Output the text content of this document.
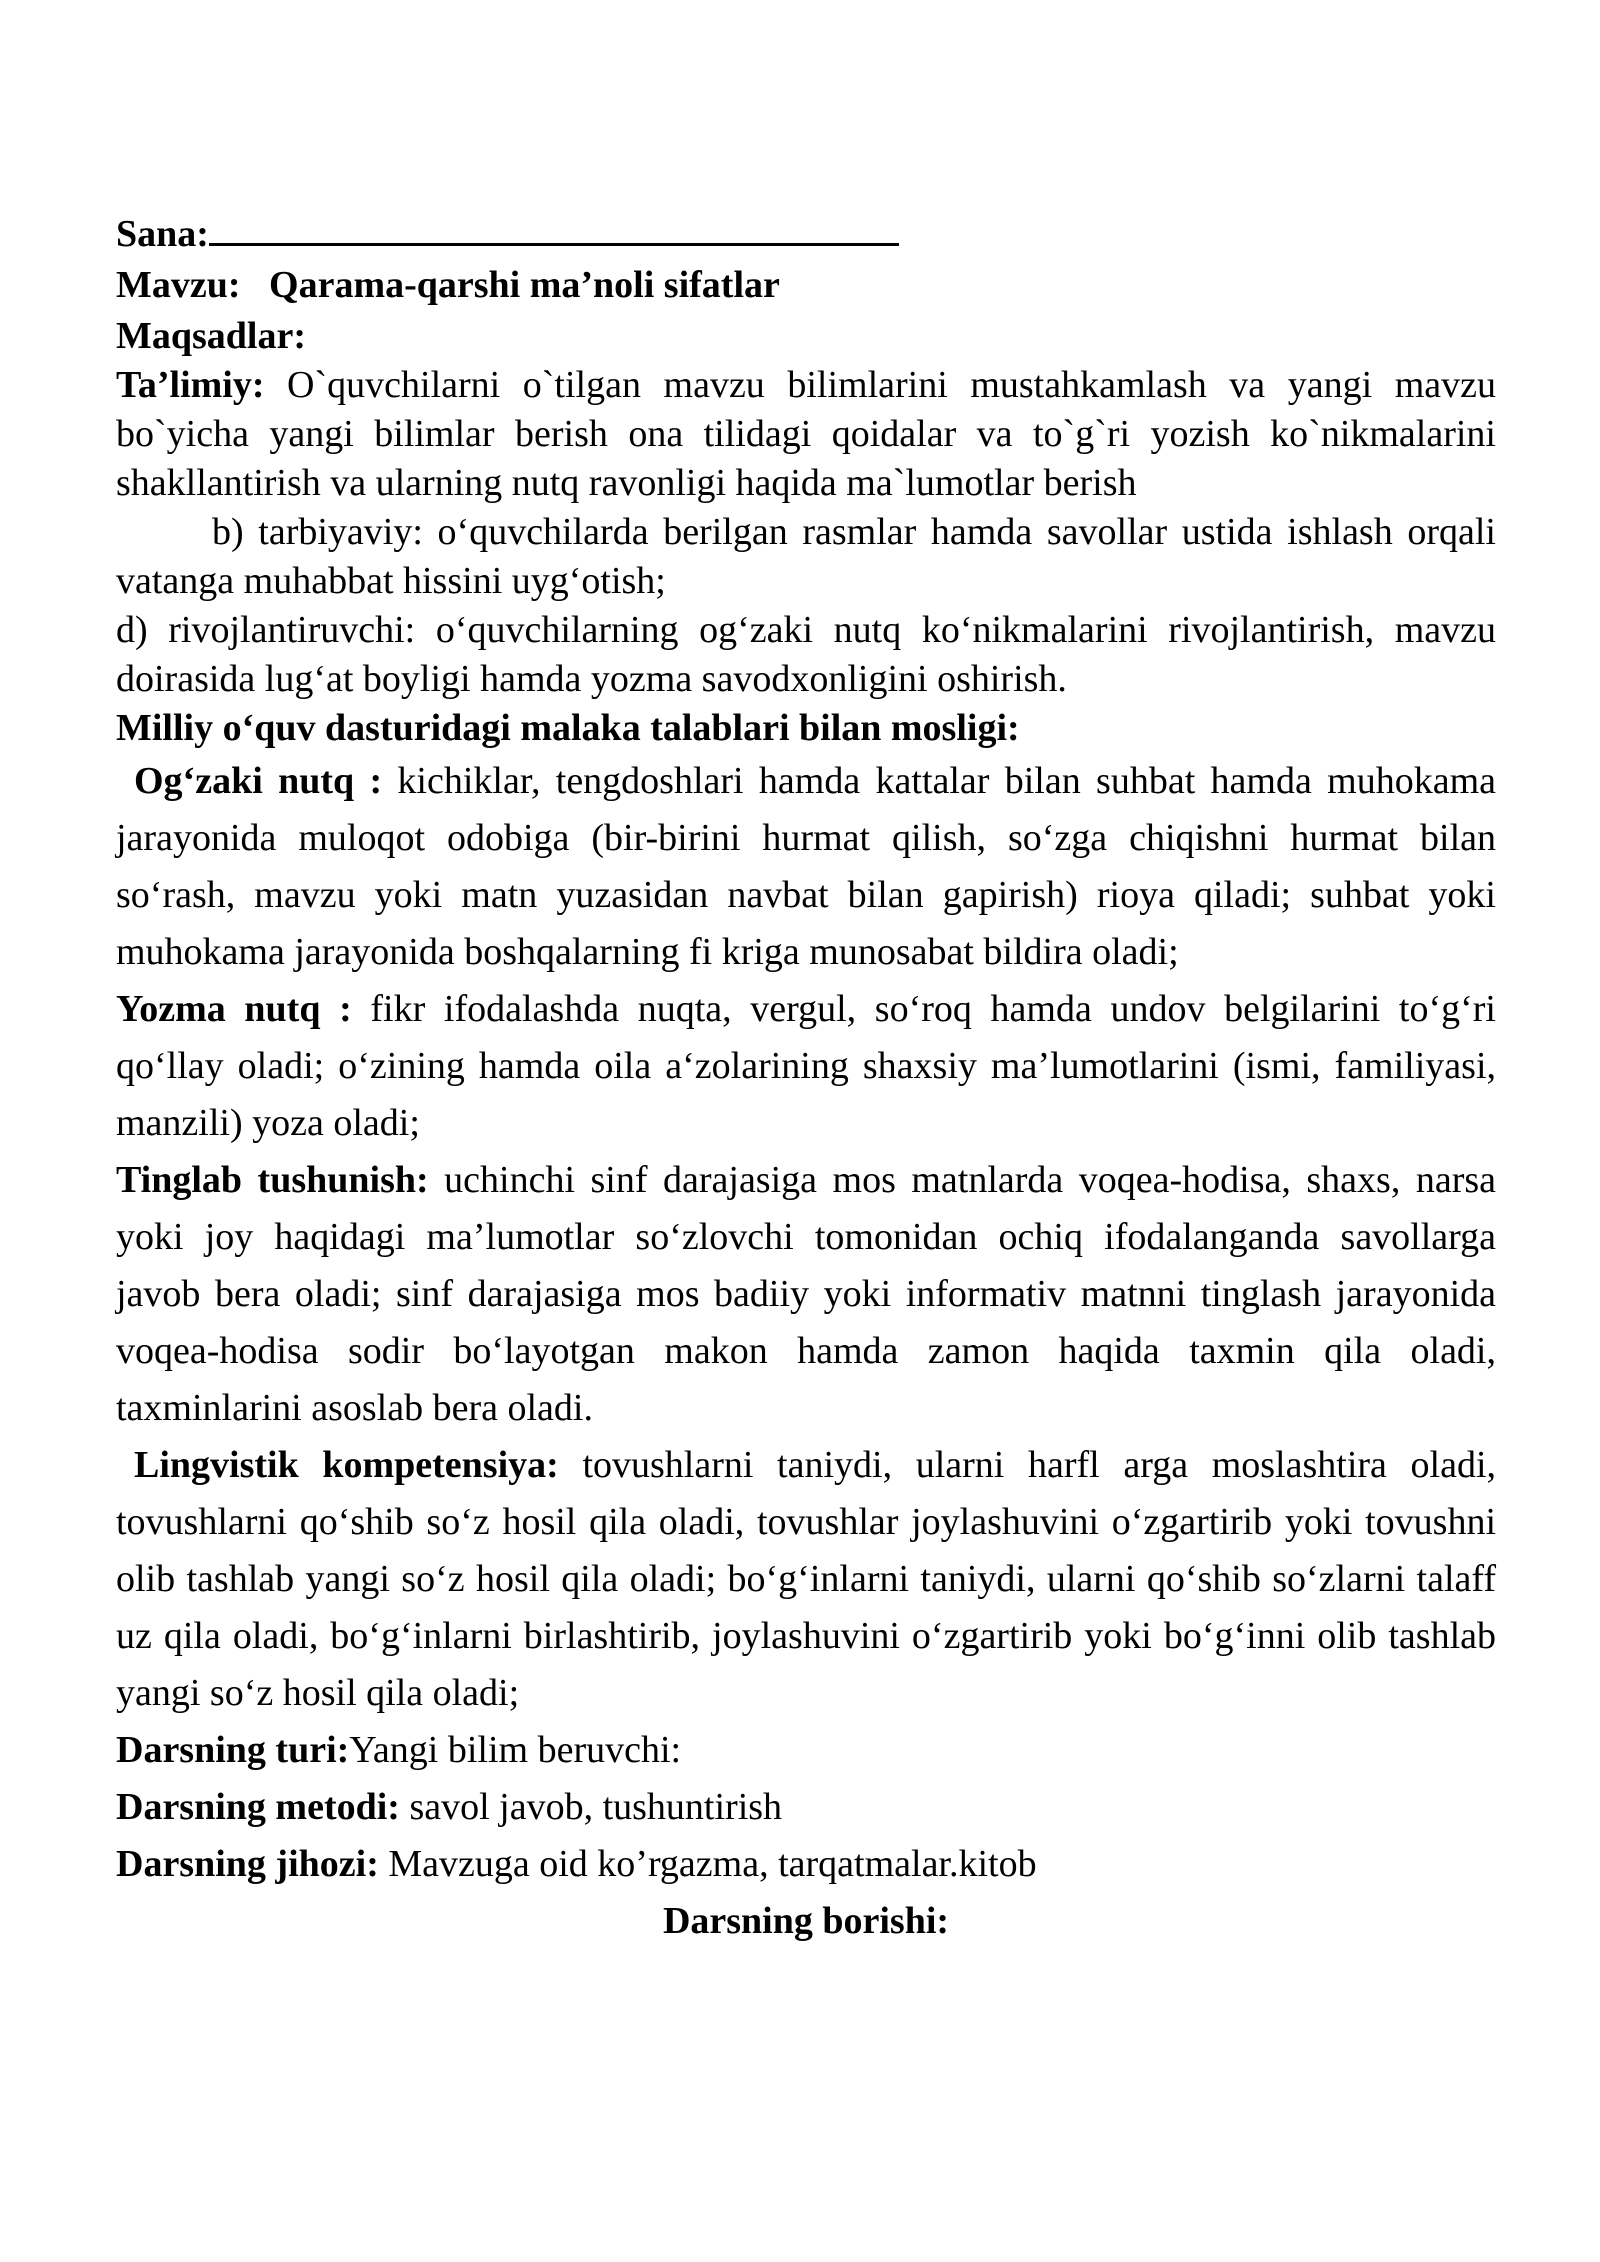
Sana:

Mavzu: Qarama-qarshi ma’noli sifatlar

Maqsadlar:

Ta’limiy: O`quvchilarni o`tilgan mavzu bilimlarini mustahkamlash va yangi mavzu bo`yicha yangi bilimlar berish ona tilidagi qoidalar va to`g`ri yozish ko`nikmalarini shakllantirish va ularning nutq ravonligi haqida ma`lumotlar berish

b) tarbiyaviy: o‘quvchilarda berilgan rasmlar hamda savollar ustida ishlash orqali vatanga muhabbat hissini uyg‘otish;

d) rivojlantiruvchi: o‘quvchilarning og‘zaki nutq ko‘nikmalarini rivojlantirish, mavzu doirasida lug‘at boyligi hamda yozma savodxonligini oshirish.

Milliy o‘quv dasturidagi malaka talablari bilan mosligi:

Og‘zaki nutq : kichiklar, tengdoshlari hamda kattalar bilan suhbat hamda muhokama jarayonida muloqot odobiga (bir-birini hurmat qilish, so‘zga chiqishni hurmat bilan so‘rash, mavzu yoki matn yuzasidan navbat bilan gapirish) rioya qiladi; suhbat yoki muhokama jarayonida boshqalarning fi kriga munosabat bildira oladi;

Yozma nutq : fikr ifodalashda nuqta, vergul, so‘roq hamda undov belgilarini to‘g‘ri qo‘llay oladi; o‘zining hamda oila a‘zolarining shaxsiy ma’lumotlarini (ismi, familiyasi, manzili) yoza oladi;

Tinglab tushunish: uchinchi sinf darajasiga mos matnlarda voqea-hodisa, shaxs, narsa yoki joy haqidagi ma’lumotlar so‘zlovchi tomonidan ochiq ifodalanganda savollarga javob bera oladi; sinf darajasiga mos badiiy yoki informativ matnni tinglash jarayonida voqea-hodisa sodir bo‘layotgan makon hamda zamon haqida taxmin qila oladi, taxminlarini asoslab bera oladi.

Lingvistik kompetensiya: tovushlarni taniydi, ularni harfl arga moslashtira oladi, tovushlarni qo‘shib so‘z hosil qila oladi, tovushlar joylashuvini o‘zgartirib yoki tovushni olib tashlab yangi so‘z hosil qila oladi; bo‘g‘inlarni taniydi, ularni qo‘shib so‘zlarni talaff uz qila oladi, bo‘g‘inlarni birlashtirib, joylashuvini o‘zgartirib yoki bo‘g‘inni olib tashlab yangi so‘z hosil qila oladi;

Darsning turi:Yangi bilim beruvchi:

Darsning metodi: savol javob, tushuntirish

Darsning jihozi: Mavzuga oid ko’rgazma, tarqatmalar.kitob

Darsning borishi:
